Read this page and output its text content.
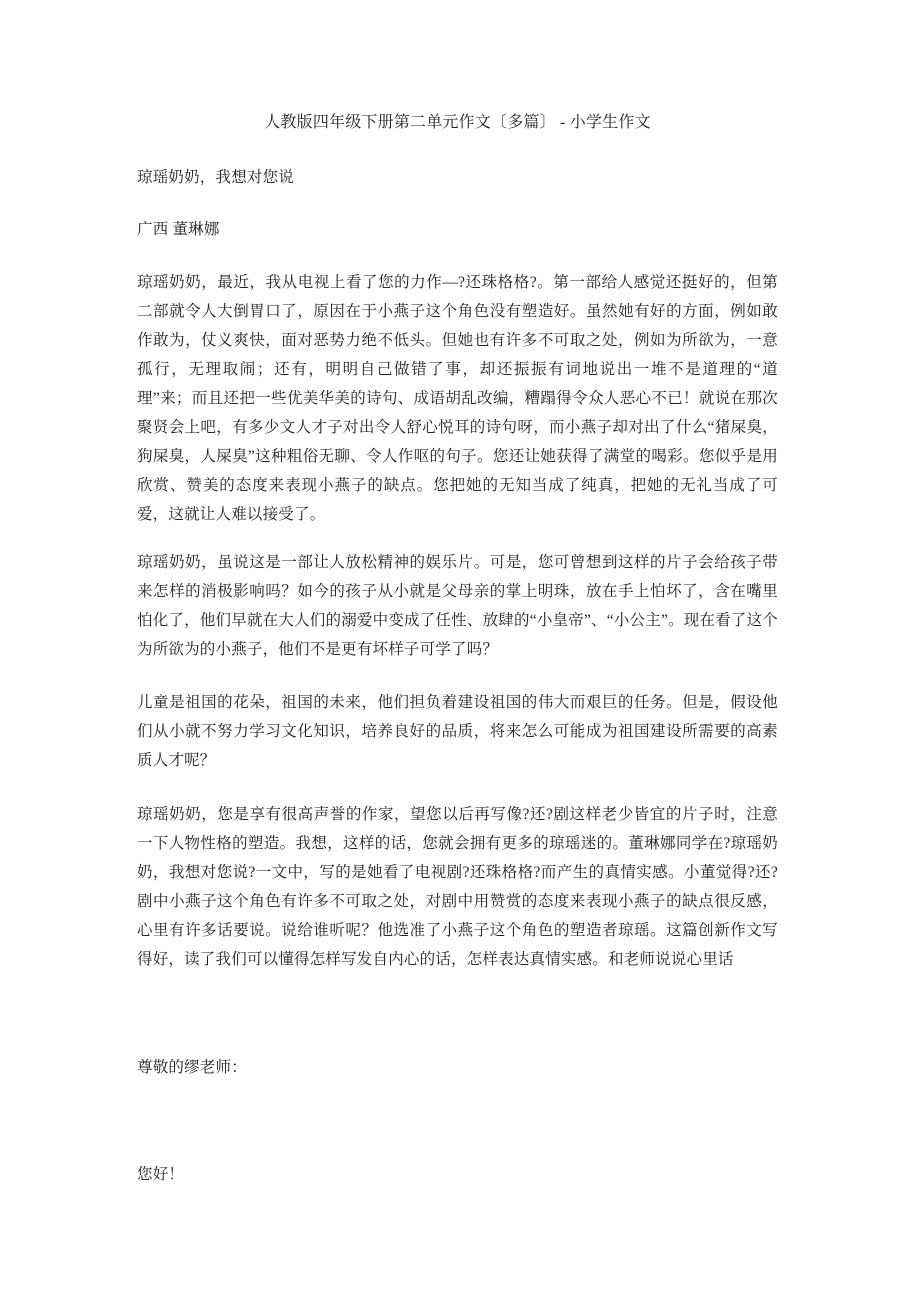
人教版四年级下册第二单元作文〔多篇〕 - 小学生作文

琼瑶奶奶，我想对您说

广西 董琳娜

琼瑶奶奶，最近，我从电视上看了您的力作—?还珠格格?。第一部给人感觉还挺好的，但第二部就令人大倒胃口了，原因在于小燕子这个角色没有塑造好。虽然她有好的方面，例如敢作敢为，仗义爽快，面对恶势力绝不低头。但她也有许多不可取之处，例如为所欲为，一意孤行，无理取闹；还有，明明自己做错了事，却还振振有词地说出一堆不是道理的“道理”来；而且还把一些优美华美的诗句、成语胡乱改编，糟蹋得令众人恶心不已！就说在那次聚贤会上吧，有多少文人才子对出令人舒心悦耳的诗句呀，而小燕子却对出了什么“猪屎臭，狗屎臭，人屎臭”这种粗俗无聊、令人作呕的句子。您还让她获得了满堂的喝彩。您似乎是用欣赏、赞美的态度来表现小燕子的缺点。您把她的无知当成了纯真，把她的无礼当成了可爱，这就让人难以接受了。

琼瑶奶奶，虽说这是一部让人放松精神的娱乐片。可是，您可曾想到这样的片子会给孩子带来怎样的消极影响吗？如今的孩子从小就是父母亲的掌上明珠，放在手上怕坏了，含在嘴里怕化了，他们早就在大人们的溺爱中变成了任性、放肆的“小皇帝”、“小公主”。现在看了这个为所欲为的小燕子，他们不是更有坏样子可学了吗？

儿童是祖国的花朵，祖国的未来，他们担负着建设祖国的伟大而艰巨的任务。但是，假设他们从小就不努力学习文化知识，培养良好的品质，将来怎么可能成为祖国建设所需要的高素质人才呢？

琼瑶奶奶，您是享有很高声誉的作家，望您以后再写像?还?剧这样老少皆宜的片子时，注意一下人物性格的塑造。我想，这样的话，您就会拥有更多的琼瑶迷的。董琳娜同学在?琼瑶奶奶，我想对您说?一文中，写的是她看了电视剧?还珠格格?而产生的真情实感。小董觉得?还?剧中小燕子这个角色有许多不可取之处，对剧中用赞赏的态度来表现小燕子的缺点很反感，心里有许多话要说。说给谁听呢？他选准了小燕子这个角色的塑造者琼瑶。这篇创新作文写得好，读了我们可以懂得怎样写发自内心的话，怎样表达真情实感。和老师说说心里话

尊敬的缪老师：

您好！
